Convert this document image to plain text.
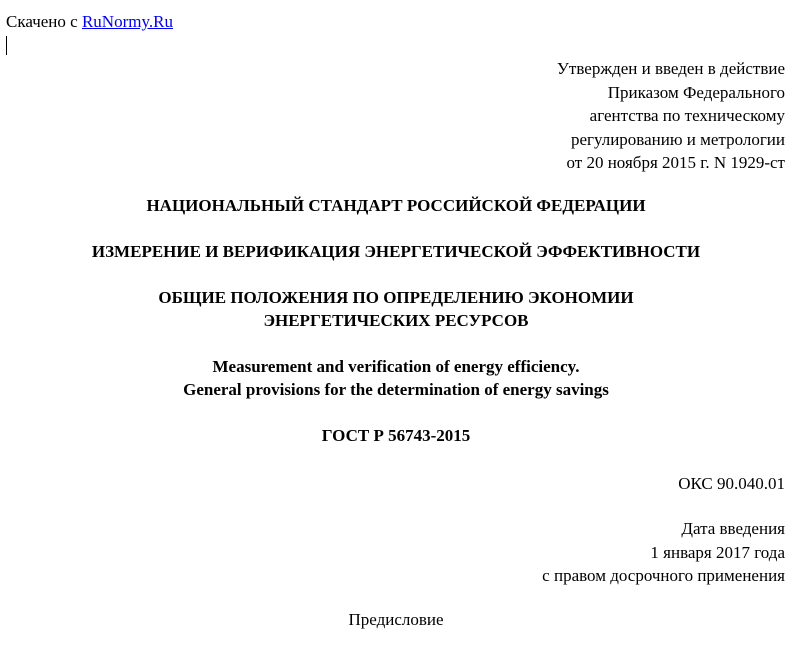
Скачено с RuNormy.Ru
Утвержден и введен в действие
Приказом Федерального
агентства по техническому
регулированию и метрологии
от 20 ноября 2015 г. N 1929-ст
НАЦИОНАЛЬНЫЙ СТАНДАРТ РОССИЙСКОЙ ФЕДЕРАЦИИ
ИЗМЕРЕНИЕ И ВЕРИФИКАЦИЯ ЭНЕРГЕТИЧЕСКОЙ ЭФФЕКТИВНОСТИ
ОБЩИЕ ПОЛОЖЕНИЯ ПО ОПРЕДЕЛЕНИЮ ЭКОНОМИИ
ЭНЕРГЕТИЧЕСКИХ РЕСУРСОВ
Measurement and verification of energy efficiency.
General provisions for the determination of energy savings
ГОСТ Р 56743-2015
ОКС 90.040.01
Дата введения
1 января 2017 года
с правом досрочного применения
Предисловие
